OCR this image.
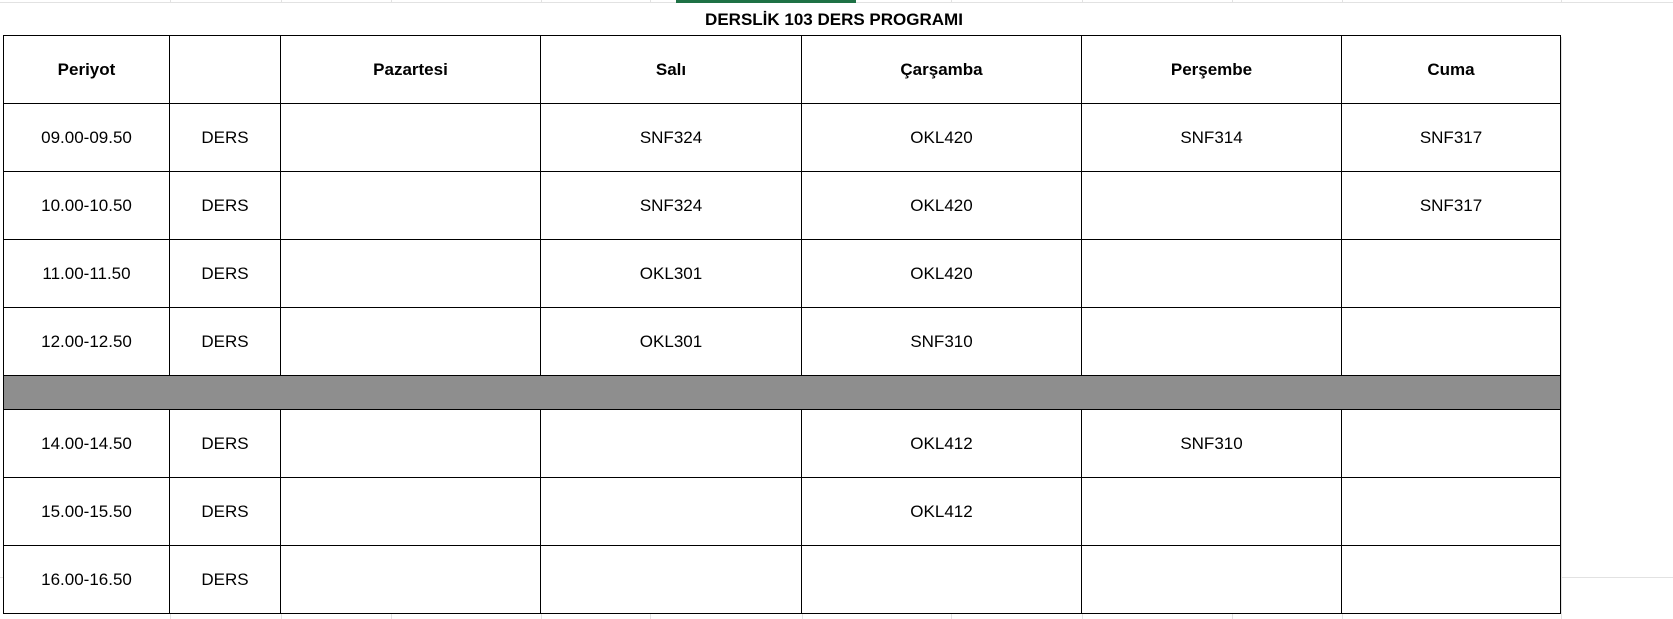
DERSLİK 103 DERS PROGRAMI
Periyot		Pazartesi	Salı	Çarşamba	Perşembe	Cuma
09.00-09.50	DERS		SNF324	OKL420	SNF314	SNF317
10.00-10.50	DERS		SNF324	OKL420		SNF317
11.00-11.50	DERS		OKL301	OKL420		
12.00-12.50	DERS		OKL301	SNF310		

14.00-14.50	DERS			OKL412	SNF310	
15.00-15.50	DERS			OKL412		
16.00-16.50	DERS					
